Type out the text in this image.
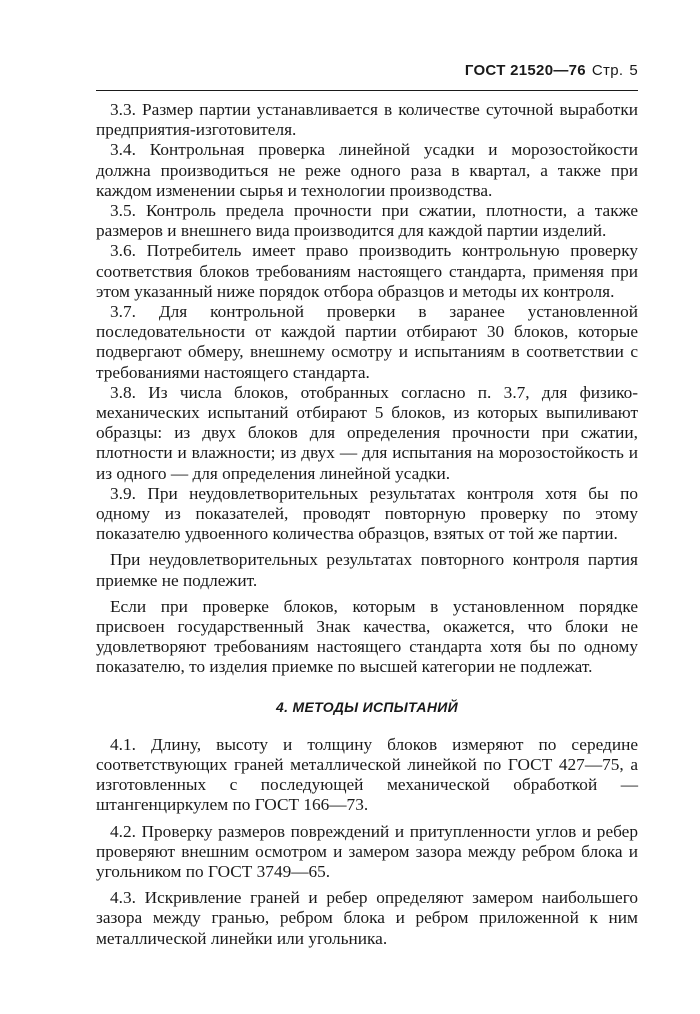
ГОСТ 21520—76 Стр. 5

3.3. Размер партии устанавливается в количестве суточной выработки предприятия-изготовителя.

3.4. Контрольная проверка линейной усадки и морозостойкости должна производиться не реже одного раза в квартал, а также при каждом изменении сырья и технологии производства.

3.5. Контроль предела прочности при сжатии, плотности, а также размеров и внешнего вида производится для каждой партии изделий.

3.6. Потребитель имеет право производить контрольную проверку соответствия блоков требованиям настоящего стандарта, применяя при этом указанный ниже порядок отбора образцов и методы их контроля.

3.7. Для контрольной проверки в заранее установленной последовательности от каждой партии отбирают 30 блоков, которые подвергают обмеру, внешнему осмотру и испытаниям в соответствии с требованиями настоящего стандарта.

3.8. Из числа блоков, отобранных согласно п. 3.7, для физико-механических испытаний отбирают 5 блоков, из которых выпиливают образцы: из двух блоков для определения прочности при сжатии, плотности и влажности; из двух — для испытания на морозостойкость и из одного — для определения линейной усадки.

3.9. При неудовлетворительных результатах контроля хотя бы по одному из показателей, проводят повторную проверку по этому показателю удвоенного количества образцов, взятых от той же партии.

При неудовлетворительных результатах повторного контроля партия приемке не подлежит.

Если при проверке блоков, которым в установленном порядке присвоен государственный Знак качества, окажется, что блоки не удовлетворяют требованиям настоящего стандарта хотя бы по одному показателю, то изделия приемке по высшей категории не подлежат.

4. МЕТОДЫ ИСПЫТАНИЙ

4.1. Длину, высоту и толщину блоков измеряют по середине соответствующих граней металлической линейкой по ГОСТ 427—75, а изготовленных с последующей механической обработкой — штангенциркулем по ГОСТ 166—73.

4.2. Проверку размеров повреждений и притупленности углов и ребер проверяют внешним осмотром и замером зазора между ребром блока и угольником по ГОСТ 3749—65.

4.3. Искривление граней и ребер определяют замером наибольшего зазора между гранью, ребром блока и ребром приложенной к ним металлической линейки или угольника.
